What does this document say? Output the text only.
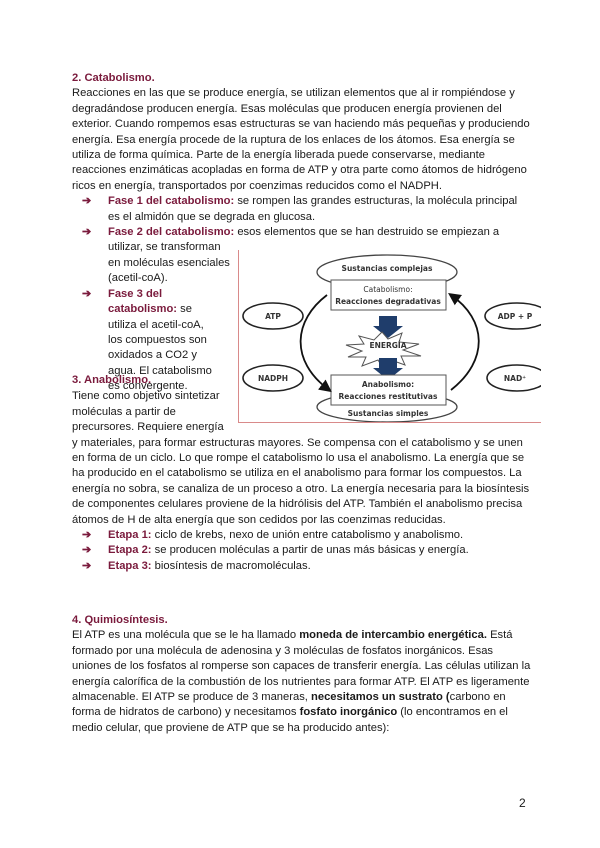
2. Catabolismo.

Reacciones en las que se produce energía, se utilizan elementos que al ir rompiéndose y degradándose producen energía. Esas moléculas que producen energía provienen del exterior. Cuando rompemos esas estructuras se van haciendo más pequeñas y produciendo energía. Esa energía procede de la ruptura de los enlaces de los átomos. Esa energía se utiliza de forma química. Parte de la energía liberada puede conservarse, mediante reacciones enzimáticas acopladas en forma de ATP y otra parte como átomos de hidrógeno ricos en energía, transportados por coenzimas reducidos como el NADPH.

➔ Fase 1 del catabolismo: se rompen las grandes estructuras, la molécula principal es el almidón que se degrada en glucosa.
➔ Fase 2 del catabolismo: esos elementos que se han destruido se empiezan a
utilizar, se transforman en moléculas esenciales (acetil-coA).
➔ Fase 3 del catabolismo: se utiliza el acetil-coA, los compuestos son oxidados a CO2 y agua. El catabolismo es convergente.
3. Anabolismo.

Tiene como objetivo sintetizar moléculas a partir de precursores. Requiere energía

y materiales, para formar estructuras mayores. Se compensa con el catabolismo y se unen en forma de un ciclo. Lo que rompe el catabolismo lo usa el anabolismo. La energía que se ha producido en el catabolismo se utiliza en el anabolismo para formar los compuestos. La energía no sobra, se canaliza de un proceso a otro. La energía necesaria para la biosíntesis de componentes celulares proviene de la hidrólisis del ATP. También el anabolismo precisa átomos de H de alta energía que son cedidos por las coenzimas reducidas.

➔ Etapa 1: ciclo de krebs, nexo de unión entre catabolismo y anabolismo.
➔ Etapa 2: se producen moléculas a partir de unas más básicas y energía.
➔ Etapa 3: biosíntesis de macromoléculas.
4. Quimiosíntesis.

El ATP es una molécula que se le ha llamado moneda de intercambio energética. Está formado por una molécula de adenosina y 3 moléculas de fosfatos inorgánicos. Esas uniones de los fosfatos al romperse son capaces de transferir energía. Las células utilizan la energía calorífica de la combustión de los nutrientes para formar ATP. El ATP es ligeramente almacenable. El ATP se produce de 3 maneras, necesitamos un sustrato (carbono en forma de hidratos de carbono) y necesitamos fosfato inorgánico (lo encontramos en el medio celular, que proviene de ATP que se ha producido antes):

Sustancias complejas
Catabolismo:
Reacciones degradativas
ENERGÍA
Anabolismo:
Reacciones restitutivas
Sustancias simples
ATP
NADPH
ADP + P
NAD⁺
2
